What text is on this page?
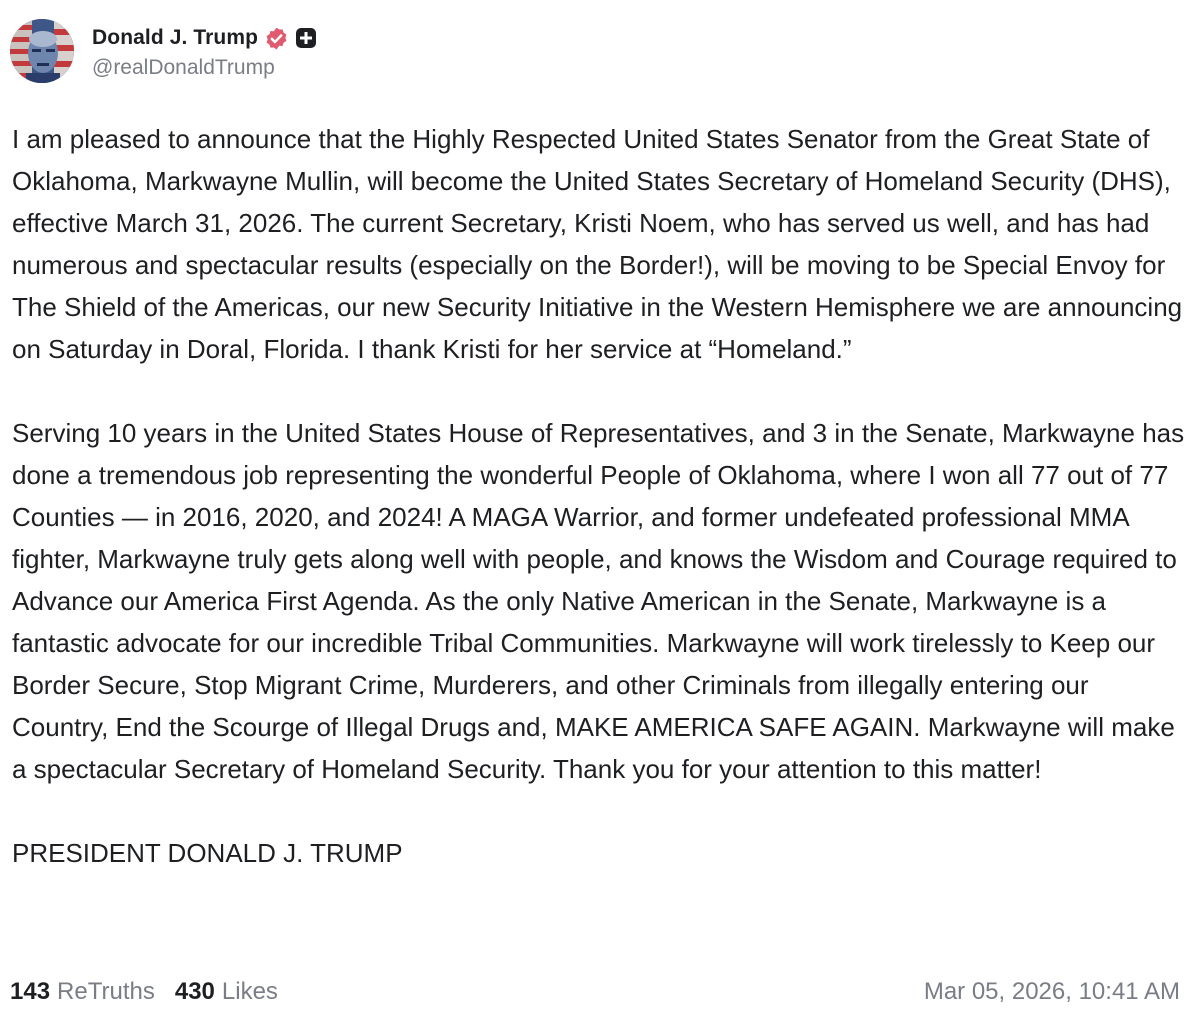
Donald J. Trump
@realDonaldTrump

I am pleased to announce that the Highly Respected United States Senator from the Great State of Oklahoma, Markwayne Mullin, will become the United States Secretary of Homeland Security (DHS), effective March 31, 2026. The current Secretary, Kristi Noem, who has served us well, and has had numerous and spectacular results (especially on the Border!), will be moving to be Special Envoy for The Shield of the Americas, our new Security Initiative in the Western Hemisphere we are announcing on Saturday in Doral, Florida. I thank Kristi for her service at “Homeland.”

Serving 10 years in the United States House of Representatives, and 3 in the Senate, Markwayne has done a tremendous job representing the wonderful People of Oklahoma, where I won all 77 out of 77 Counties — in 2016, 2020, and 2024! A MAGA Warrior, and former undefeated professional MMA fighter, Markwayne truly gets along well with people, and knows the Wisdom and Courage required to Advance our America First Agenda. As the only Native American in the Senate, Markwayne is a fantastic advocate for our incredible Tribal Communities. Markwayne will work tirelessly to Keep our Border Secure, Stop Migrant Crime, Murderers, and other Criminals from illegally entering our Country, End the Scourge of Illegal Drugs and, MAKE AMERICA SAFE AGAIN. Markwayne will make a spectacular Secretary of Homeland Security. Thank you for your attention to this matter!

PRESIDENT DONALD J. TRUMP

143 ReTruths 430 Likes	Mar 05, 2026, 10:41 AM
